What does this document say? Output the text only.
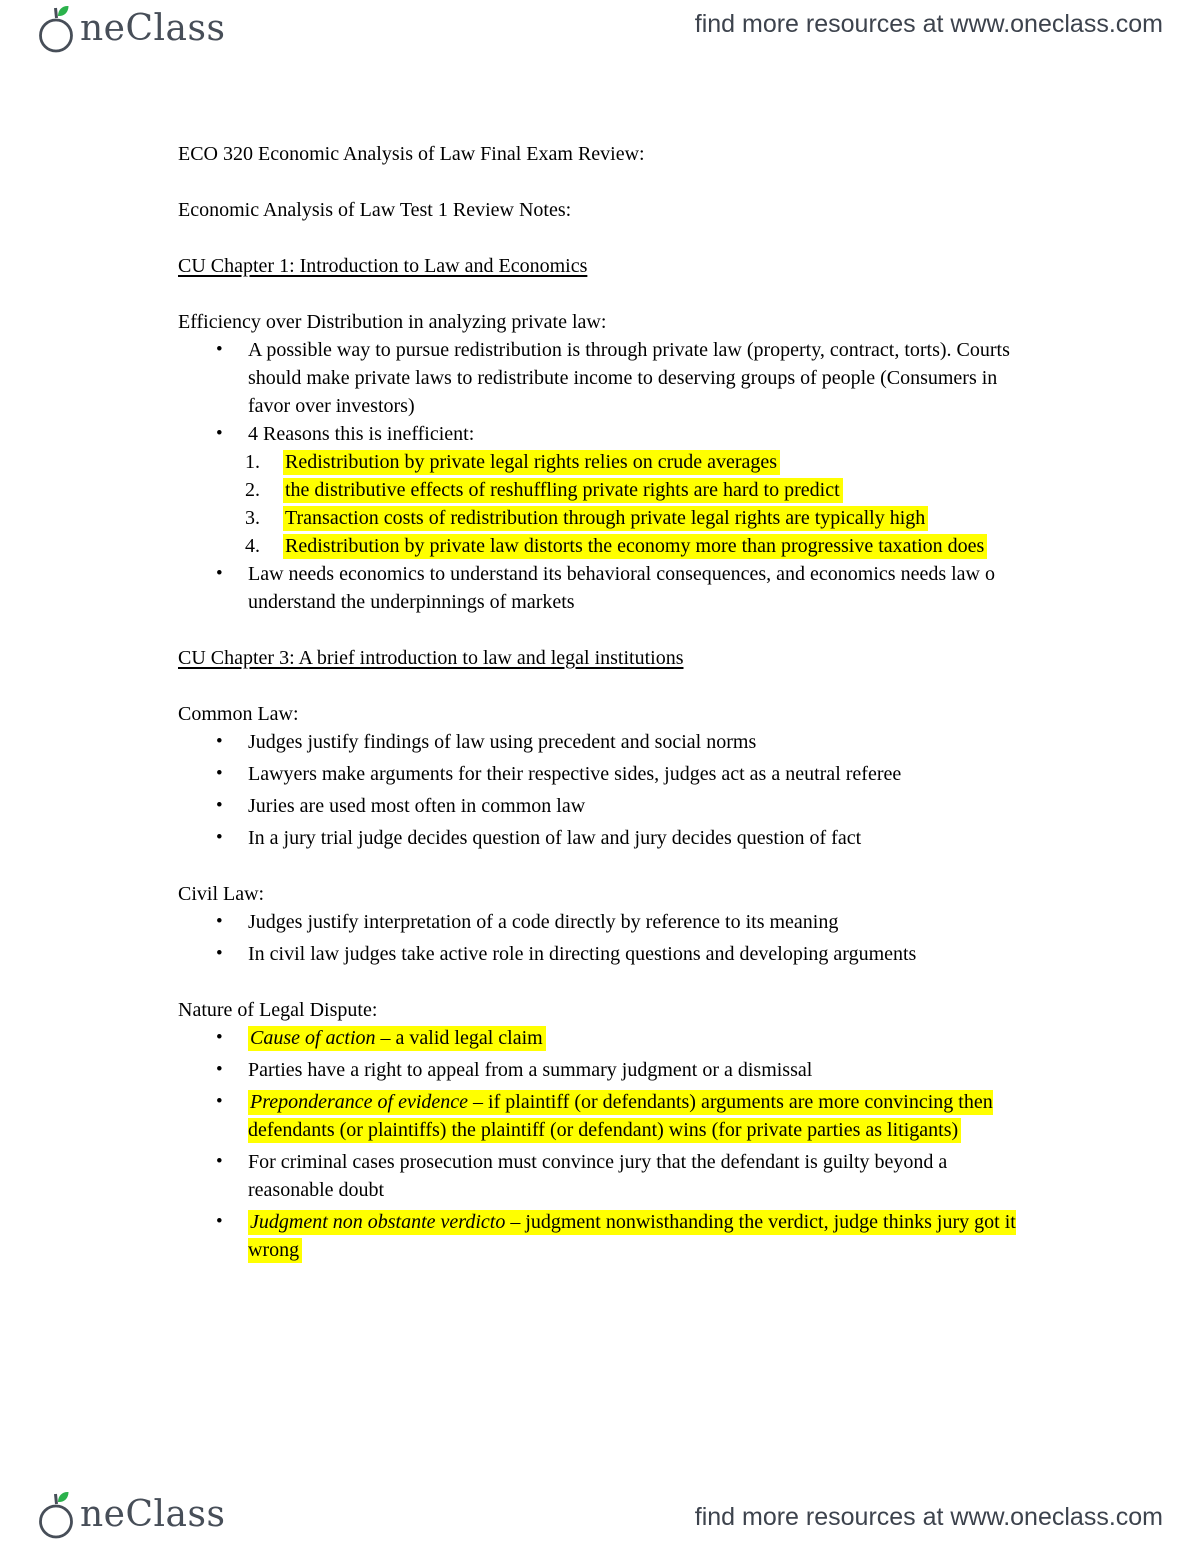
neClass	find more resources at www.oneclass.com

ECO 320 Economic Analysis of Law Final Exam Review:

Economic Analysis of Law Test 1 Review Notes:

CU Chapter 1: Introduction to Law and Economics

Efficiency over Distribution in analyzing private law:

• A possible way to pursue redistribution is through private law (property, contract, torts). Courts should make private laws to redistribute income to deserving groups of people (Consumers in favor over investors)
• 4 Reasons this is inefficient:
Redistribution by private legal rights relies on crude averages
the distributive effects of reshuffling private rights are hard to predict
Transaction costs of redistribution through private legal rights are typically high
Redistribution by private law distorts the economy more than progressive taxation does
• Law needs economics to understand its behavioral consequences, and economics needs law o understand the underpinnings of markets

CU Chapter 3: A brief introduction to law and legal institutions

Common Law:

• Judges justify findings of law using precedent and social norms
• Lawyers make arguments for their respective sides, judges act as a neutral referee
• Juries are used most often in common law
• In a jury trial judge decides question of law and jury decides question of fact

Civil Law:

• Judges justify interpretation of a code directly by reference to its meaning
• In civil law judges take active role in directing questions and developing arguments

Nature of Legal Dispute:

• Cause of action – a valid legal claim
• Parties have a right to appeal from a summary judgment or a dismissal
• Preponderance of evidence – if plaintiff (or defendants) arguments are more convincing then defendants (or plaintiffs) the plaintiff (or defendant) wins (for private parties as litigants)
• For criminal cases prosecution must convince jury that the defendant is guilty beyond a reasonable doubt
• Judgment non obstante verdicto – judgment nonwisthanding the verdict, judge thinks jury got it wrong
neClass	find more resources at www.oneclass.com
